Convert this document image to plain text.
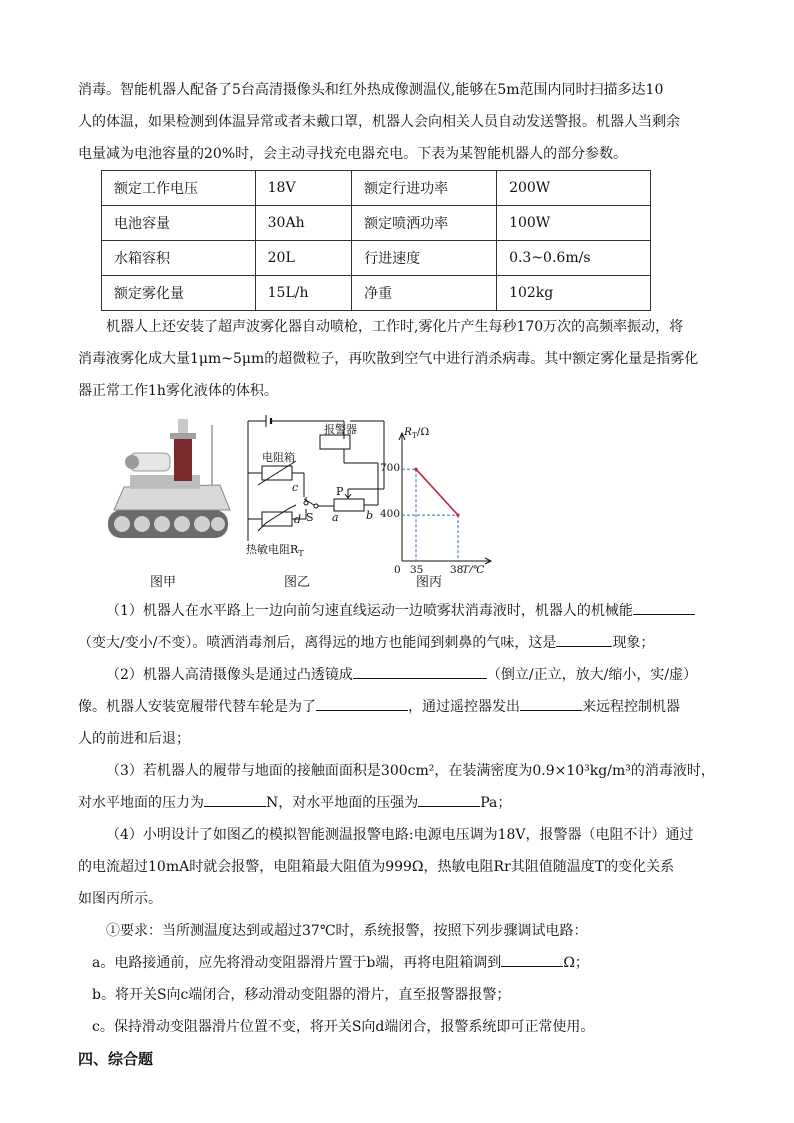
消毒。智能机器人配备了5台高清摄像头和红外热成像测温仪,能够在5m范围内同时扫描多达10

人的体温，如果检测到体温异常或者未戴口罩，机器人会向相关人员自动发送警报。机器人当剩余

电量减为电池容量的20%时，会主动寻找充电器充电。下表为某智能机器人的部分参数。

额定工作电压	18V	额定行进功率	200W
电池容量	30Ah	额定喷洒功率	100W
水箱容积	20L	行进速度	0.3~0.6m/s
额定雾化量	15L/h	净重	102kg

机器人上还安装了超声波雾化器自动喷枪，工作时,雾化片产生每秒170万次的高频率振动，将

消毒液雾化成大量1μm~5μm的超微粒子，再吹散到空气中进行消杀病毒。其中额定雾化量是指雾化

器正常工作1h雾化液体的体积。

图甲
报警器
电阻箱
c
d S
P
a b
热敏电阻$R_T$
图乙
$R_T/\Omega$
700
400
0 35	38
T/℃
图丙

（1）机器人在水平路上一边向前匀速直线运动一边喷雾状消毒液时，机器人的机械能

（变大/变小/不变）。喷洒消毒剂后，离得远的地方也能闻到刺鼻的气味，这是	现象；

（2）机器人高清摄像头是通过凸透镜成	（倒立/正立，放大/缩小，实/虚）

像。机器人安装宽履带代替车轮是为了	，通过遥控器发出	来远程控制机器

人的前进和后退；

（3）若机器人的履带与地面的接触面面积是300cm²，在装满密度为0.9×10³kg/m³的消毒液时，

对水平地面的压力为	N，对水平地面的压强为	Pa；

（4）小明设计了如图乙的模拟智能测温报警电路:电源电压调为18V，报警器（电阻不计）通过

的电流超过10mA时就会报警，电阻箱最大阻值为999Ω，热敏电阻Rr其阻值随温度T的变化关系

如图丙所示。

①要求：当所测温度达到或超过37℃时，系统报警，按照下列步骤调试电路：

a。电路接通前，应先将滑动变阻器滑片置于b端，再将电阻箱调到	Ω；

b。将开关S向c端闭合，移动滑动变阻器的滑片，直至报警器报警；

c。保持滑动变阻器滑片位置不变，将开关S向d端闭合，报警系统即可正常使用。

四、综合题
